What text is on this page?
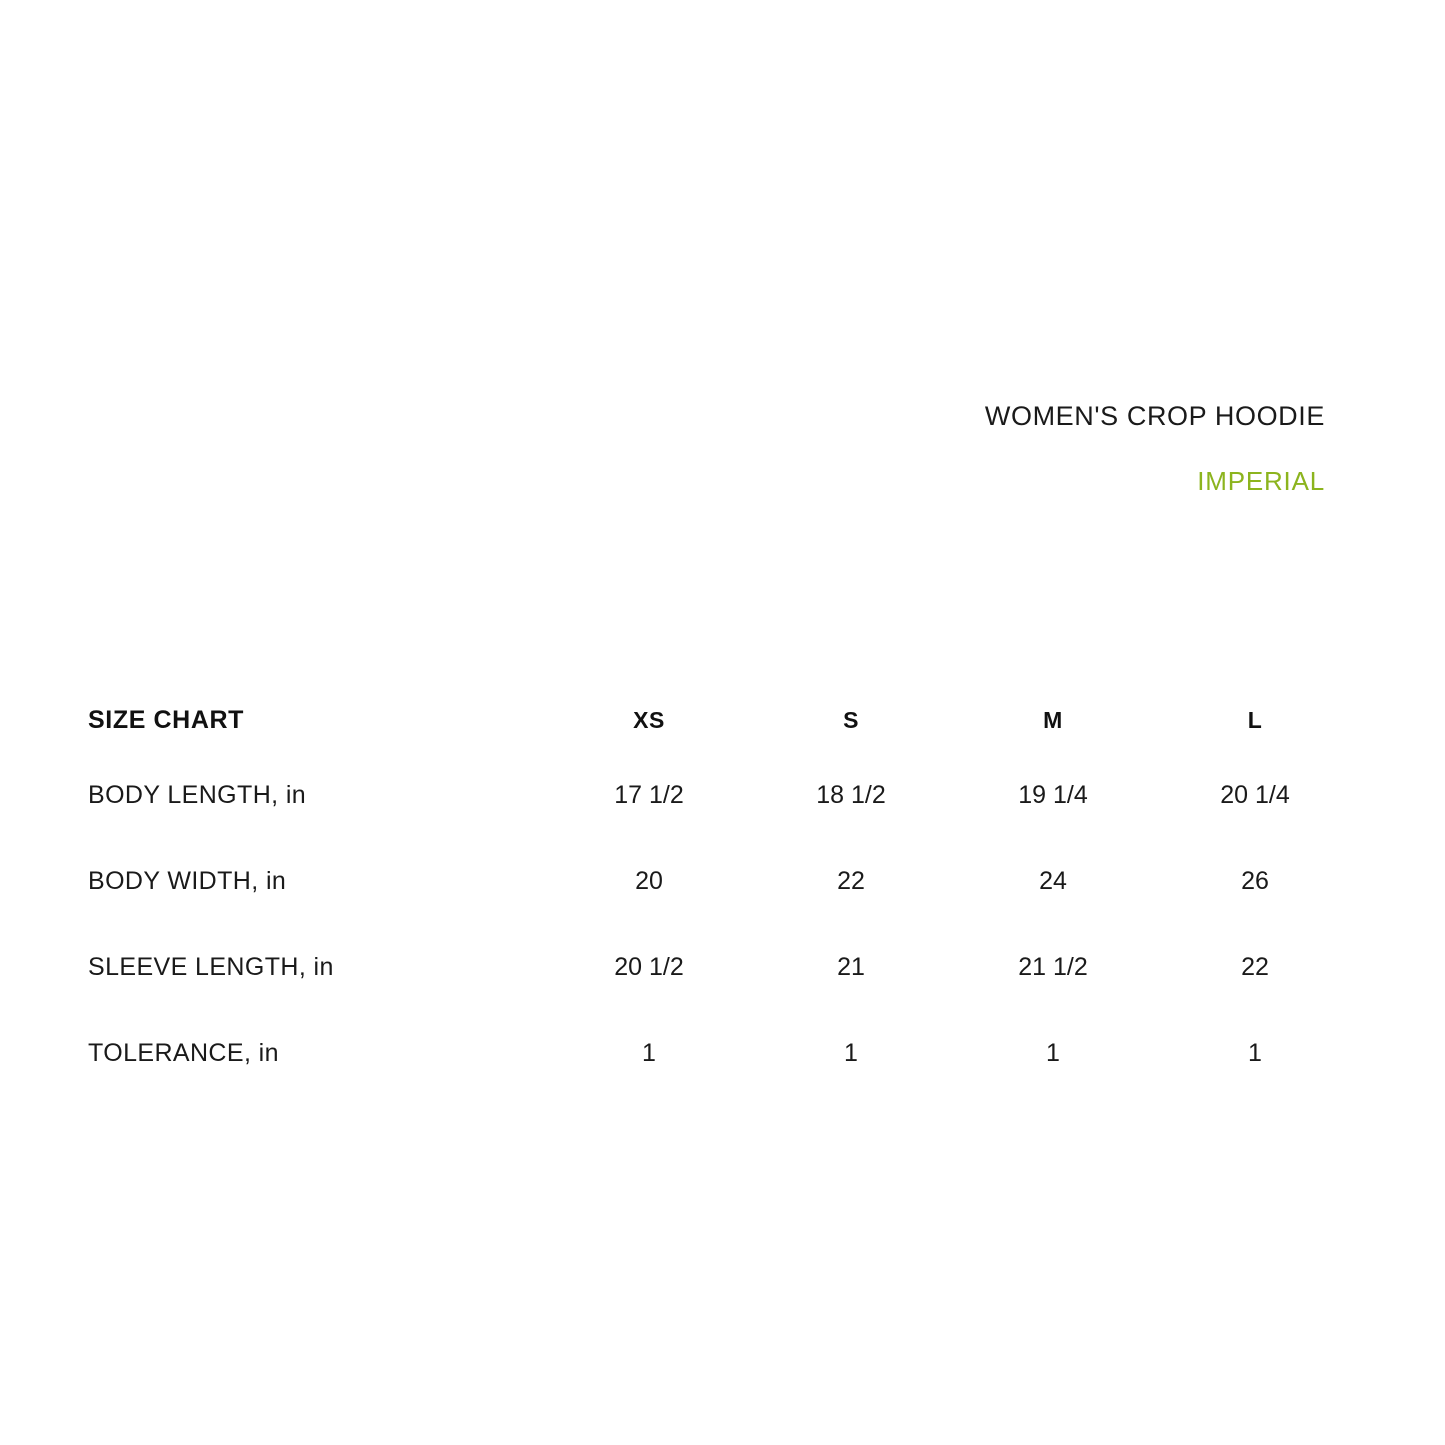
WOMEN'S CROP HOODIE
IMPERIAL
SIZE CHART	XS	S	M	L
BODY LENGTH, in	17 1/2	18 1/2	19 1/4	20 1/4
BODY WIDTH, in	20	22	24	26
SLEEVE LENGTH, in	20 1/2	21	21 1/2	22
TOLERANCE, in	1	1	1	1
